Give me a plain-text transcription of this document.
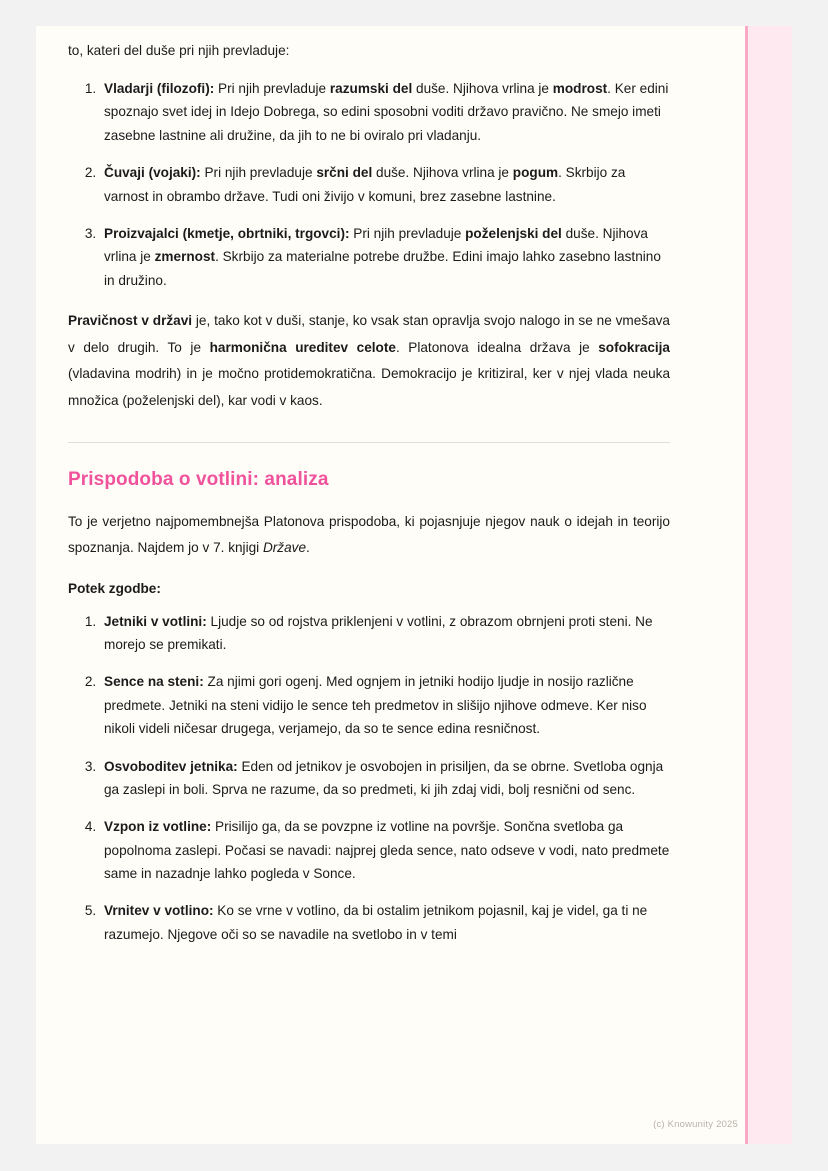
to, kateri del duše pri njih prevladuje:

1. Vladarji (filozofi): Pri njih prevladuje razumski del duše. Njihova vrlina je modrost. Ker edini spoznajo svet idej in Idejo Dobrega, so edini sposobni voditi državo pravično. Ne smejo imeti zasebne lastnine ali družine, da jih to ne bi oviralo pri vladanju.
2. Čuvaji (vojaki): Pri njih prevladuje srčni del duše. Njihova vrlina je pogum. Skrbijo za varnost in obrambo države. Tudi oni živijo v komuni, brez zasebne lastnine.
3. Proizvajalci (kmetje, obrtniki, trgovci): Pri njih prevladuje poželenjski del duše. Njihova vrlina je zmernost. Skrbijo za materialne potrebe družbe. Edini imajo lahko zasebno lastnino in družino.

Pravičnost v državi je, tako kot v duši, stanje, ko vsak stan opravlja svojo nalogo in se ne vmešava v delo drugih. To je harmonična ureditev celote. Platonova idealna država je sofokracija (vladavina modrih) in je močno protidemokratična. Demokracijo je kritiziral, ker v njej vlada neuka množica (poželenjski del), kar vodi v kaos.

Prispodoba o votlini: analiza

To je verjetno najpomembnejša Platonova prispodoba, ki pojasnjuje njegov nauk o idejah in teorijo spoznanja. Najdem jo v 7. knjigi Države.

Potek zgodbe:

1. Jetniki v votlini: Ljudje so od rojstva priklenjeni v votlini, z obrazom obrnjeni proti steni. Ne morejo se premikati.
2. Sence na steni: Za njimi gori ogenj. Med ognjem in jetniki hodijo ljudje in nosijo različne predmete. Jetniki na steni vidijo le sence teh predmetov in slišijo njihove odmeve. Ker niso nikoli videli ničesar drugega, verjamejo, da so te sence edina resničnost.
3. Osvoboditev jetnika: Eden od jetnikov je osvobojen in prisiljen, da se obrne. Svetloba ognja ga zaslepi in boli. Sprva ne razume, da so predmeti, ki jih zdaj vidi, bolj resnični od senc.
4. Vzpon iz votline: Prisilijo ga, da se povzpne iz votline na površje. Sončna svetloba ga popolnoma zaslepi. Počasi se navadi: najprej gleda sence, nato odseve v vodi, nato predmete same in nazadnje lahko pogleda v Sonce.
5. Vrnitev v votlino: Ko se vrne v votlino, da bi ostalim jetnikom pojasnil, kaj je videl, ga ti ne razumejo. Njegove oči so se navadile na svetlobo in v temi
(c) Knowunity 2025
